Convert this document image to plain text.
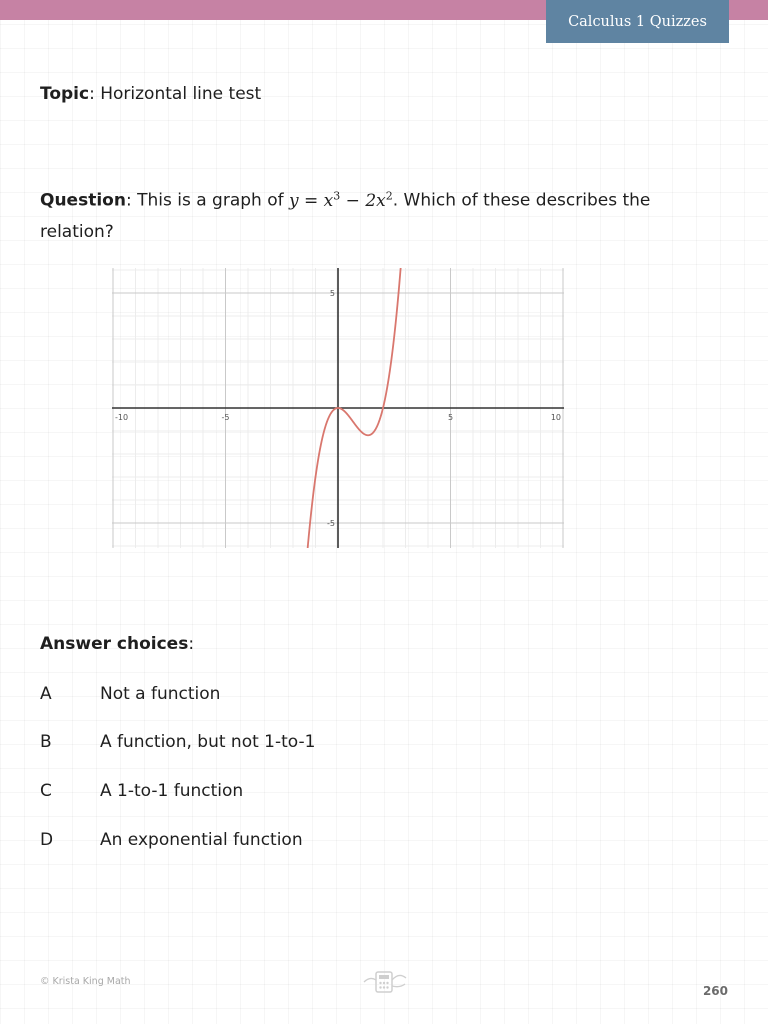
Calculus 1 Quizzes
Topic: Horizontal line test
Question: This is a graph of $y = x^3 - 2x^2$. Which of these describes the relation?
-10	-5	5	10
5
-5
Answer choices:
A	Not a function
B	A function, but not 1-to-1
C	A 1-to-1 function
D	An exponential function
© Krista King Math
260
